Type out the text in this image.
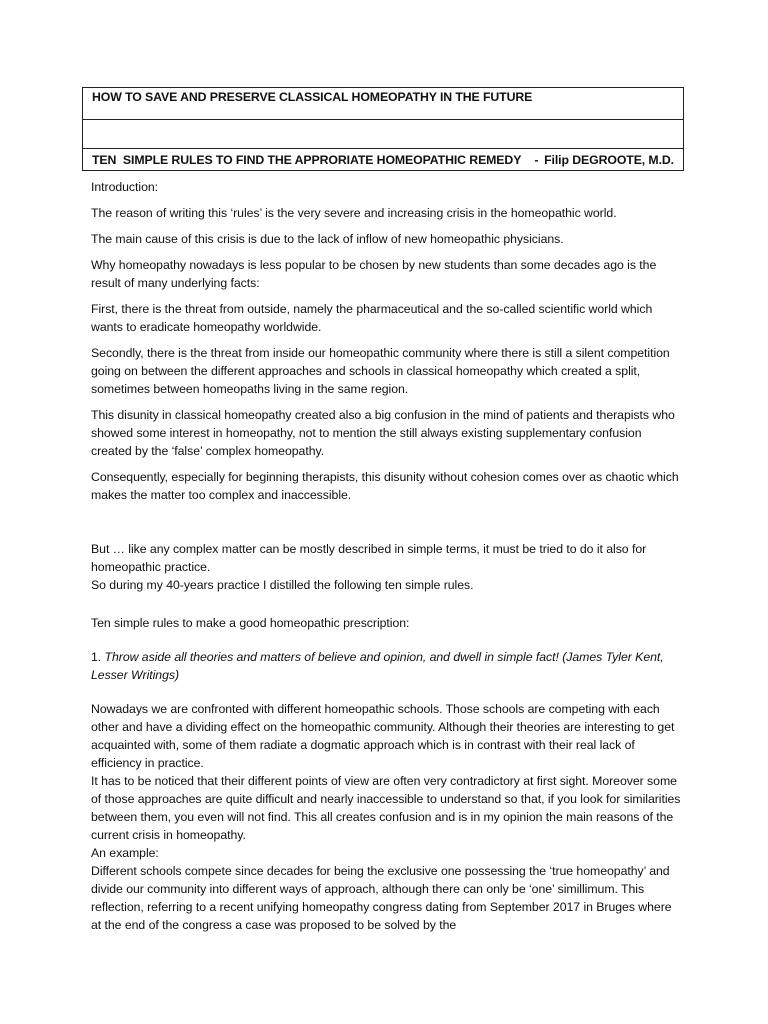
HOW TO SAVE AND PRESERVE CLASSICAL HOMEOPATHY IN THE FUTURE

TEN  SIMPLE RULES TO FIND THE APPRORIATE HOMEOPATHIC REMEDY    - Filip DEGROOTE, M.D.

Introduction:

The reason of writing this ‘rules’ is the very severe and increasing crisis in the homeopathic world.

The main cause of this crisis is due to the lack of inflow of new homeopathic physicians.

Why homeopathy nowadays is less popular to be chosen by new students than some decades ago is the result of many underlying facts:

First, there is the threat from outside, namely the pharmaceutical and the so-called scientific world which wants to eradicate homeopathy worldwide.

Secondly, there is the threat from inside our homeopathic community where there is still a silent competition going on between the different approaches and schools in classical homeopathy which created a split, sometimes between homeopaths living in the same region.

This disunity in classical homeopathy created also a big confusion in the mind of patients and therapists who showed some interest in homeopathy, not to mention the still always existing supplementary confusion created by the ‘false’ complex homeopathy.

Consequently, especially for beginning therapists, this disunity without cohesion comes over as chaotic which makes the matter too complex and inaccessible.

But … like any complex matter can be mostly described in simple terms, it must be tried to do it also for homeopathic practice.

So during my 40-years practice I distilled the following ten simple rules.

Ten simple rules to make a good homeopathic prescription:

1. Throw aside all theories and matters of believe and opinion, and dwell in simple fact! (James Tyler Kent, Lesser Writings)

Nowadays we are confronted with different homeopathic schools. Those schools are competing with each other and have a dividing effect on the homeopathic community. Although their theories are interesting to get acquainted with, some of them radiate a dogmatic approach which is in contrast with their real lack of efficiency in practice.

It has to be noticed that their different points of view are often very contradictory at first sight. Moreover some of those approaches are quite difficult and nearly inaccessible to understand so that, if you look for similarities between them, you even will not find. This all creates confusion and is in my opinion the main reasons of the current crisis in homeopathy.

An example:

Different schools compete since decades for being the exclusive one possessing the ‘true homeopathy’ and divide our community into different ways of approach, although there can only be ‘one’ simillimum. This reflection, referring to a recent unifying homeopathy congress dating from September 2017 in Bruges where at the end of the congress a case was proposed to be solved by the
